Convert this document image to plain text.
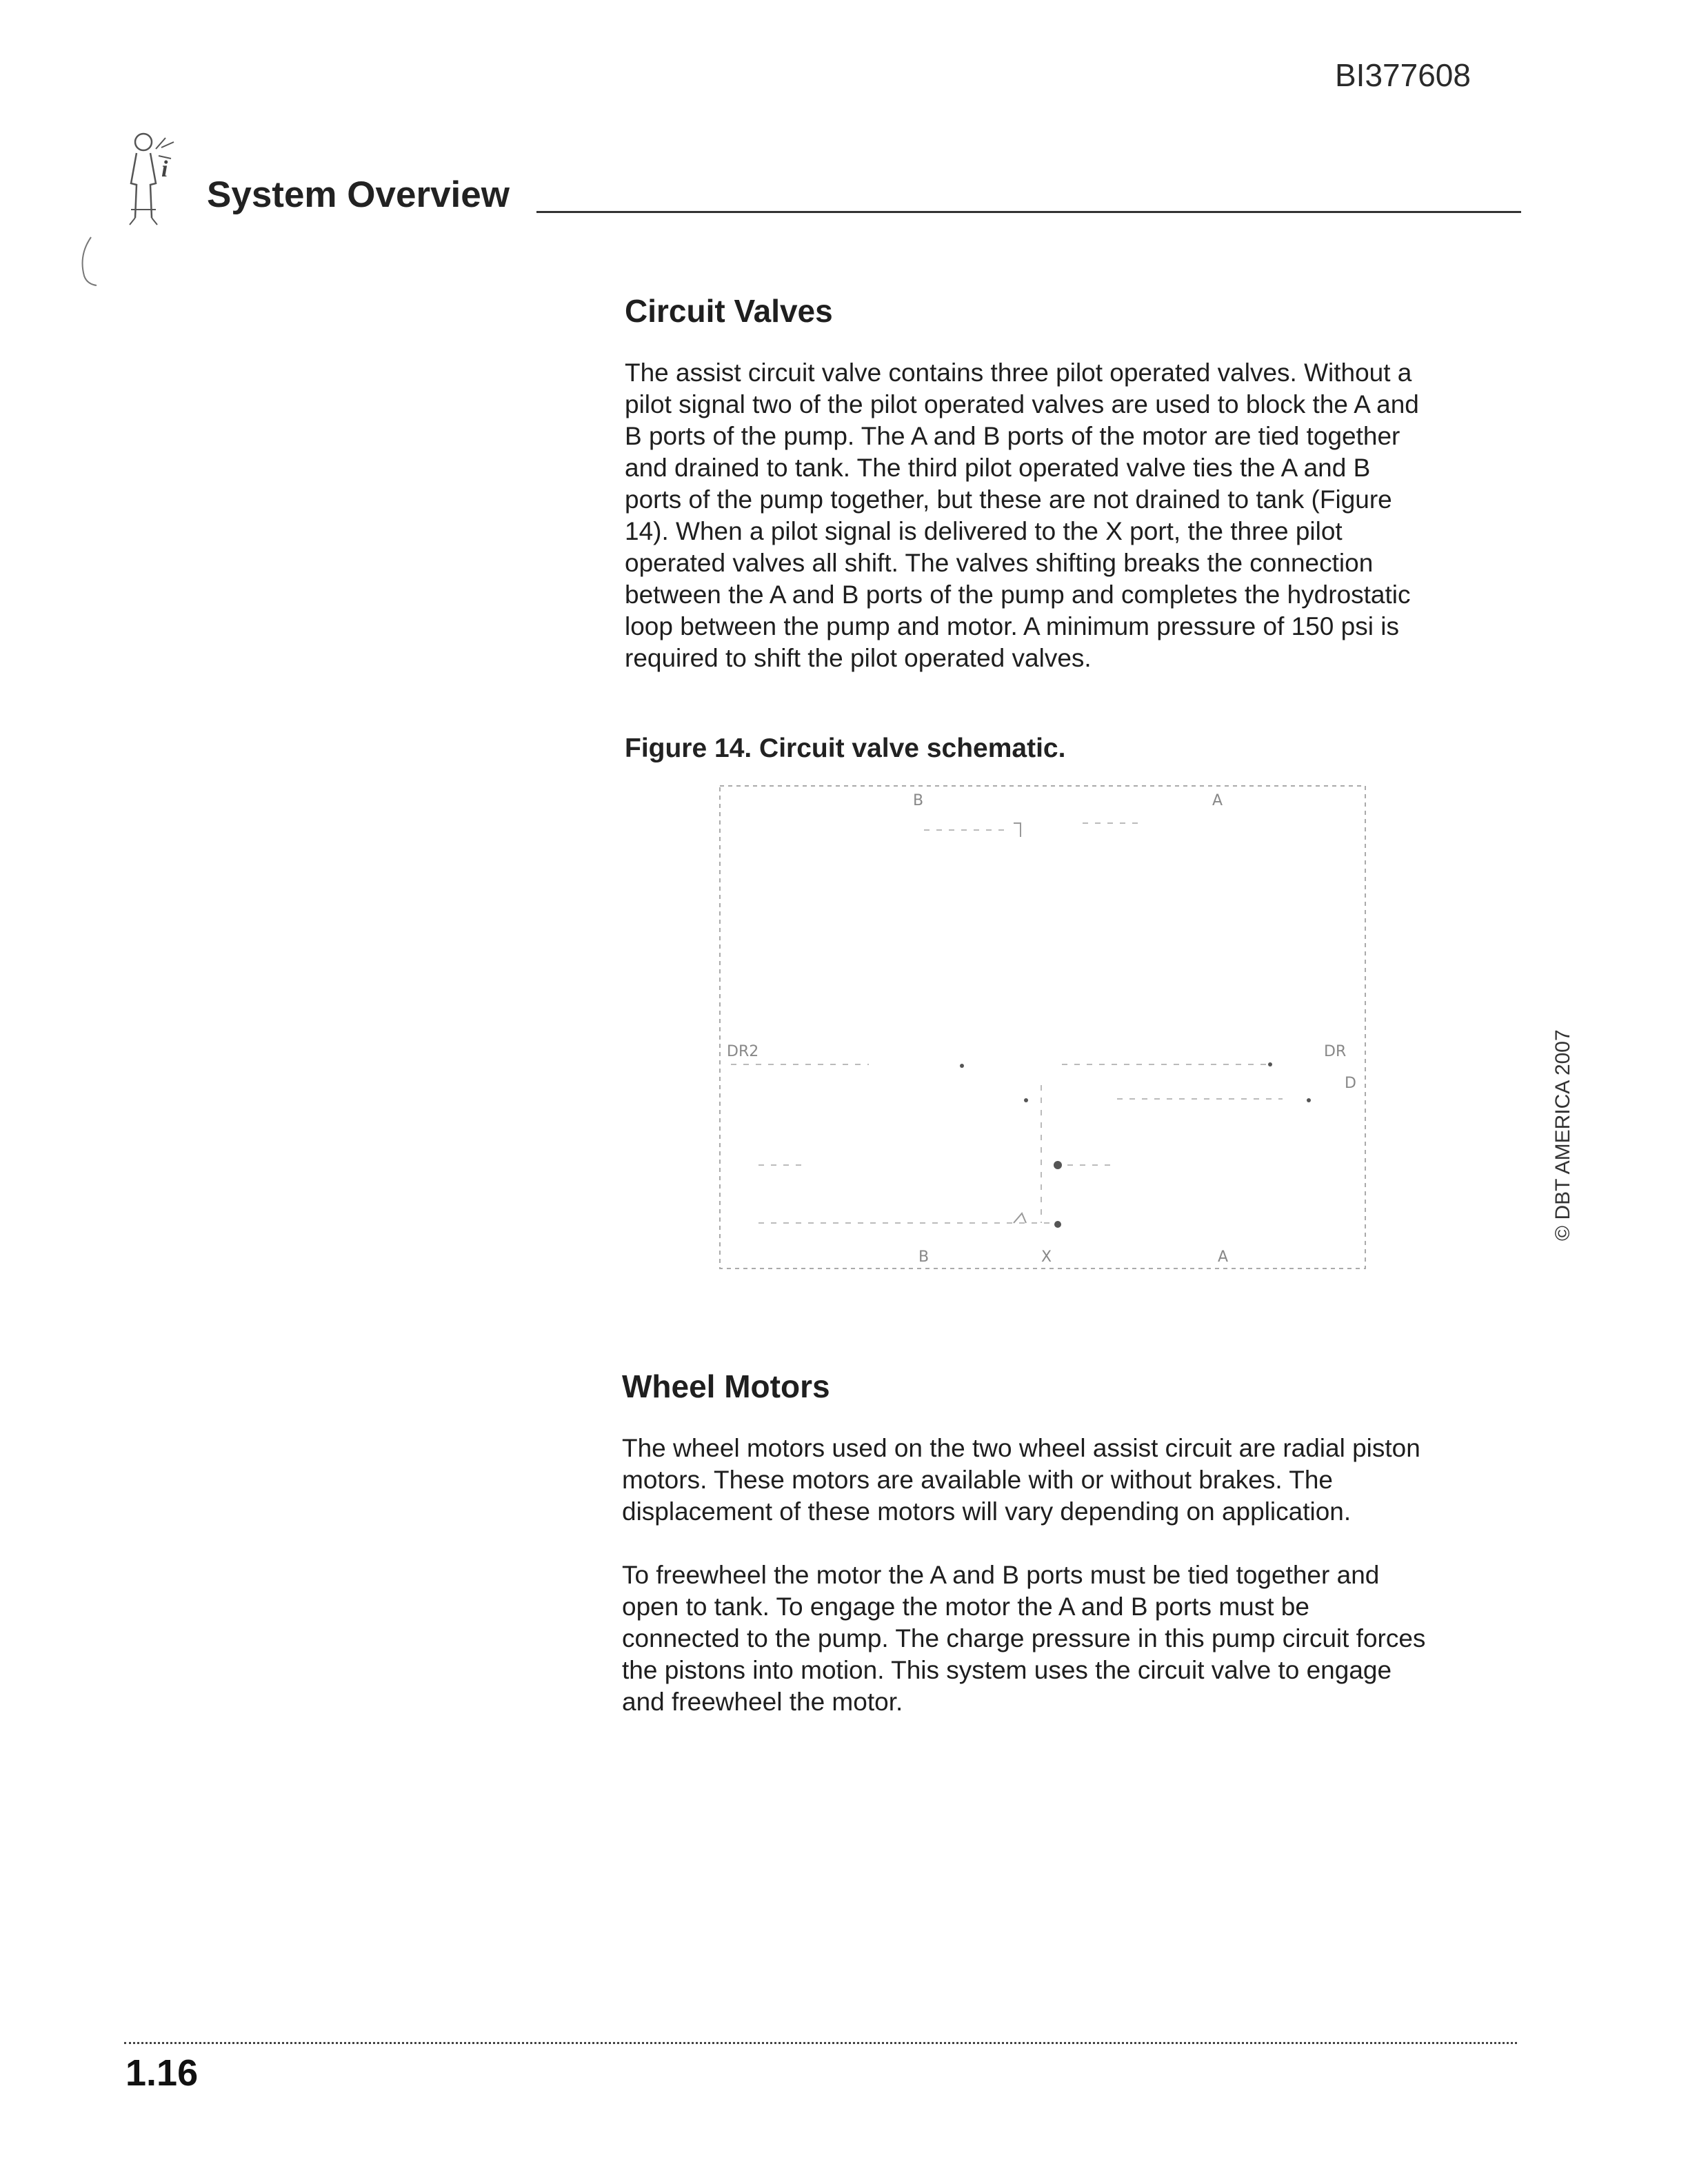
BI377608
i
System Overview
Circuit Valves
The assist circuit valve contains three pilot operated valves. Without a
pilot signal two of the pilot operated valves are used to block the A and
B ports of the pump. The A and B ports of the motor are tied together
and drained to tank. The third pilot operated valve ties the A and B
ports of the pump together, but these are not drained to tank (Figure
14). When a pilot signal is delivered to the X port, the three pilot
operated valves all shift. The valves shifting breaks the connection
between the A and B ports of the pump and completes the hydrostatic
loop between the pump and motor. A minimum pressure of 150 psi is
required to shift the pilot operated valves.
Figure 14. Circuit valve schematic.
B	A
DR2	DR
D
B	X	A
Wheel Motors
The wheel motors used on the two wheel assist circuit are radial piston
motors. These motors are available with or without brakes. The
displacement of these motors will vary depending on application.
To freewheel the motor the A and B ports must be tied together and
open to tank. To engage the motor the A and B ports must be
connected to the pump. The charge pressure in this pump circuit forces
the pistons into motion. This system uses the circuit valve to engage
and freewheel the motor.
© DBT AMERICA 2007
1.16
